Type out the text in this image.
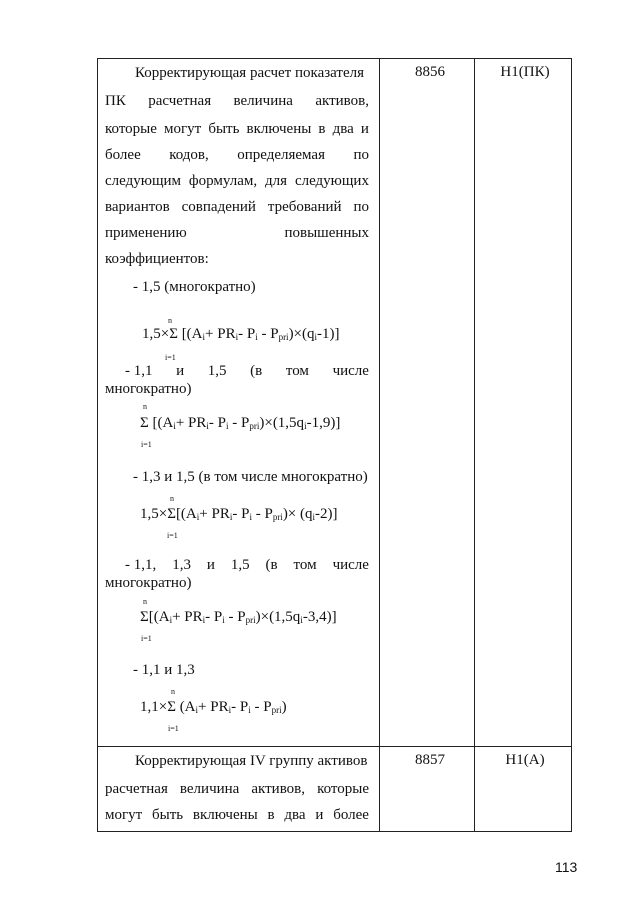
Корректирующая расчет показателя
ПК расчетная величина активов,
которые могут быть включены в два и
более кодов, определяемая по
следующим формулам, для следующих
вариантов совпадений требований по
применению	повышенных
коэффициентов:
- 1,5 (многократно)
n
1,5×Σ [($A_i+ PR_i-$ $P_i - P_{pri})\times(q_i-1)$]
i=1
- 1,1 и 1,5 (в том числе
многократно)
n
Σ [($A_i+ PR_i-$ $P_i - P_{pri})\times(1,5q_i-1,9)$]
i=1
- 1,3 и 1,5 (в том числе многократно)
n
$1,5\times\Sigma[(A_i+ PR_i-$ $P_i - P_{pri})\times (q_i-2)$]
i=1
- 1,1, 1,3 и 1,5 (в том числе
многократно)
n
$\Sigma[(A_i+ PR_i-$ $P_i - P_{pri})\times(1,5q_i-3,4)$]
i=1
- 1,1 и 1,3
n
1,1×Σ ($A_i+ PR_i-$ $P_i - P_{pri}$)
i=1
8856	Н1(ПК)
Корректирующая IV группу активов
расчетная величина активов, которые
могут быть включены в два и более
8857	Н1(А)
113
